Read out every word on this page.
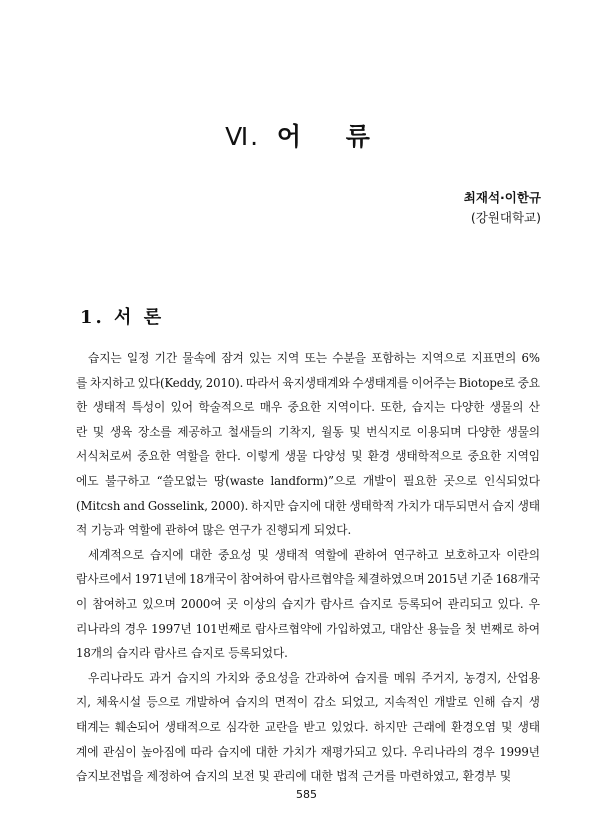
Ⅵ. 어 류
최재석·이한규
(강원대학교)
1. 서 론
습지는 일정 기간 물속에 잠겨 있는 지역 또는 수분을 포함하는 지역으로 지표면의 6%
를 차지하고 있다(Keddy, 2010). 따라서 육지생태계와 수생태계를 이어주는 Biotope로 중요
한 생태적 특성이 있어 학술적으로 매우 중요한 지역이다. 또한, 습지는 다양한 생물의 산
란 및 생육 장소를 제공하고 철새들의 기착지, 월동 및 번식지로 이용되며 다양한 생물의
서식처로써 중요한 역할을 한다. 이렇게 생물 다양성 및 환경 생태학적으로 중요한 지역임
에도 불구하고 “쓸모없는 땅(waste landform)”으로 개발이 필요한 곳으로 인식되었다
(Mitcsh and Gosselink, 2000). 하지만 습지에 대한 생태학적 가치가 대두되면서 습지 생태
적 기능과 역할에 관하여 많은 연구가 진행되게 되었다.
세계적으로 습지에 대한 중요성 및 생태적 역할에 관하여 연구하고 보호하고자 이란의
람사르에서 1971년에 18개국이 참여하여 람사르협약을 체결하였으며 2015년 기준 168개국
이 참여하고 있으며 2000여 곳 이상의 습지가 람사르 습지로 등록되어 관리되고 있다. 우
리나라의 경우 1997년 101번째로 람사르협약에 가입하였고, 대암산 용늪을 첫 번째로 하여
18개의 습지라 람사르 습지로 등록되었다.
우리나라도 과거 습지의 가치와 중요성을 간과하여 습지를 메워 주거지, 농경지, 산업용
지, 체육시설 등으로 개발하여 습지의 면적이 감소 되었고, 지속적인 개발로 인해 습지 생
태계는 훼손되어 생태적으로 심각한 교란을 받고 있었다. 하지만 근래에 환경오염 및 생태
계에 관심이 높아짐에 따라 습지에 대한 가치가 재평가되고 있다. 우리나라의 경우 1999년
습지보전법을 제정하여 습지의 보전 및 관리에 대한 법적 근거를 마련하였고, 환경부 및
585
